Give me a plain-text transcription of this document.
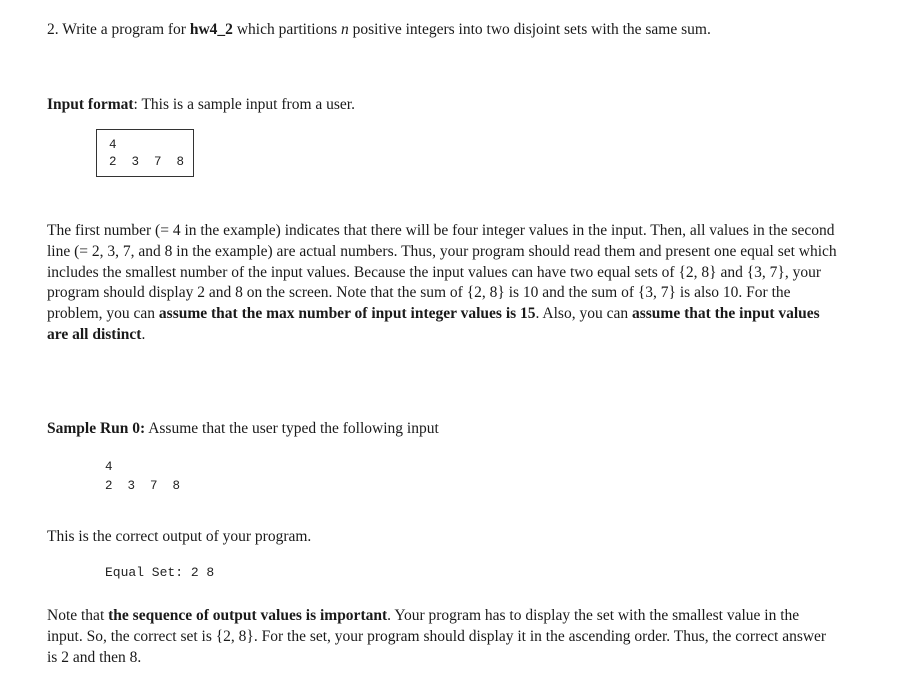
2. Write a program for hw4_2 which partitions n positive integers into two disjoint sets with the same sum.

Input format: This is a sample input from a user.

4
2  3  7  8

The first number (= 4 in the example) indicates that there will be four integer values in the input. Then, all values in the second line (= 2, 3, 7, and 8 in the example) are actual numbers. Thus, your program should read them and present one equal set which includes the smallest number of the input values. Because the input values can have two equal sets of {2, 8} and {3, 7}, your program should display 2 and 8 on the screen. Note that the sum of {2, 8} is 10 and the sum of {3, 7} is also 10. For the problem, you can assume that the max number of input integer values is 15. Also, you can assume that the input values are all distinct.

Sample Run 0: Assume that the user typed the following input

4
2  3  7  8

This is the correct output of your program.

Equal Set: 2 8

Note that the sequence of output values is important. Your program has to display the set with the smallest value in the input. So, the correct set is {2, 8}. For the set, your program should display it in the ascending order. Thus, the correct answer is 2 and then 8.
